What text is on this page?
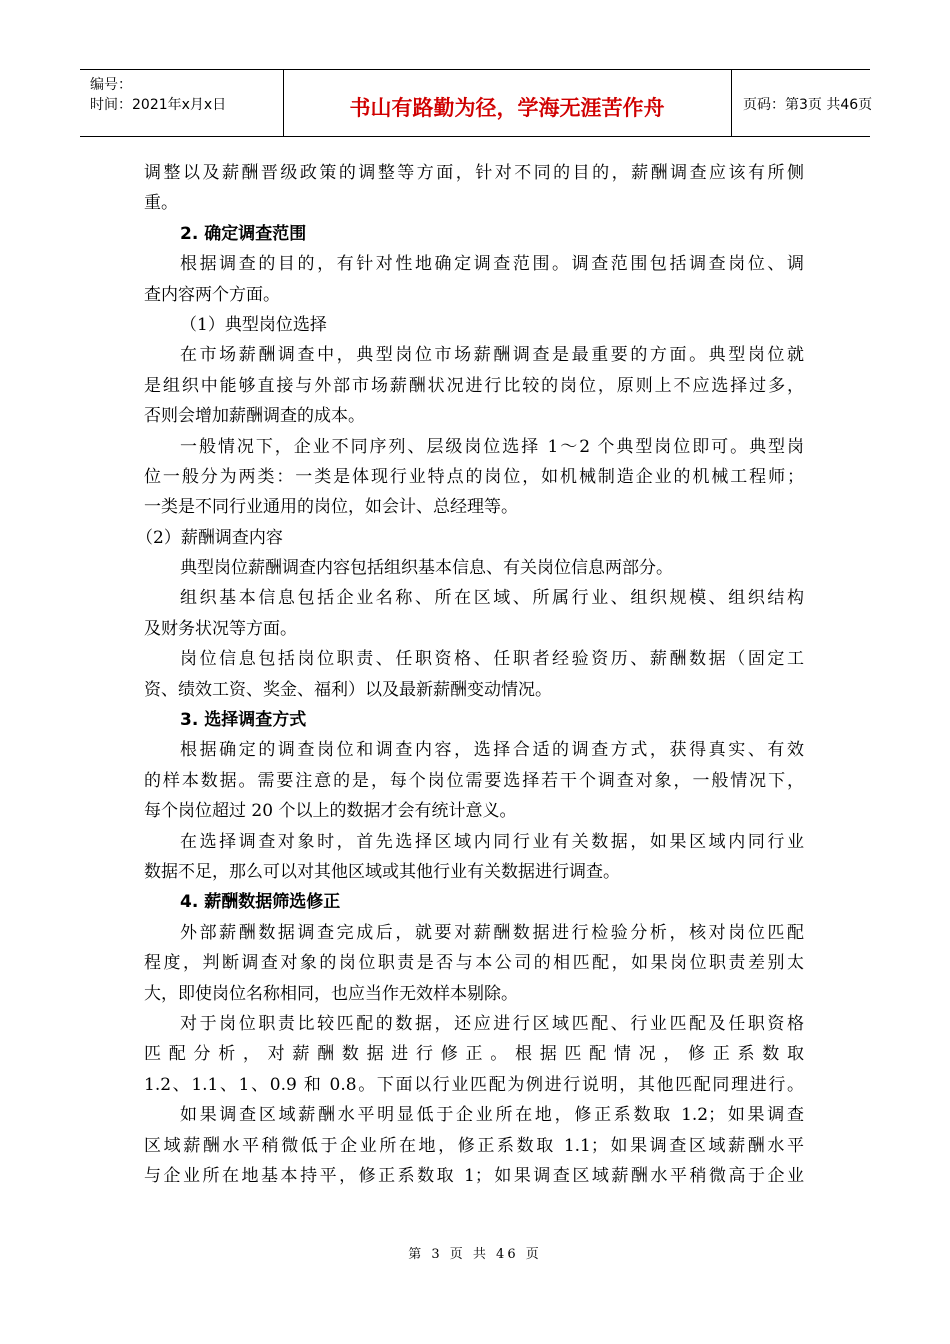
编号：
时间：2021年x月x日	书山有路勤为径，学海无涯苦作舟	页码：第3页 共46页
调整以及薪酬晋级政策的调整等方面，针对不同的目的，薪酬调查应该有所侧
重。
2. 确定调查范围
根据调查的目的，有针对性地确定调查范围。调查范围包括调查岗位、调
查内容两个方面。
（1）典型岗位选择
在市场薪酬调查中，典型岗位市场薪酬调查是最重要的方面。典型岗位就
是组织中能够直接与外部市场薪酬状况进行比较的岗位，原则上不应选择过多，
否则会增加薪酬调查的成本。
一般情况下，企业不同序列、层级岗位选择 1～2 个典型岗位即可。典型岗
位一般分为两类：一类是体现行业特点的岗位，如机械制造企业的机械工程师；
一类是不同行业通用的岗位，如会计、总经理等。
（2）薪酬调查内容
典型岗位薪酬调查内容包括组织基本信息、有关岗位信息两部分。
组织基本信息包括企业名称、所在区域、所属行业、组织规模、组织结构
及财务状况等方面。
岗位信息包括岗位职责、任职资格、任职者经验资历、薪酬数据（固定工
资、绩效工资、奖金、福利）以及最新薪酬变动情况。
3. 选择调查方式
根据确定的调查岗位和调查内容，选择合适的调查方式，获得真实、有效
的样本数据。需要注意的是，每个岗位需要选择若干个调查对象，一般情况下，
每个岗位超过 20 个以上的数据才会有统计意义。
在选择调查对象时，首先选择区域内同行业有关数据，如果区域内同行业
数据不足，那么可以对其他区域或其他行业有关数据进行调查。
4. 薪酬数据筛选修正
外部薪酬数据调查完成后，就要对薪酬数据进行检验分析，核对岗位匹配
程度，判断调查对象的岗位职责是否与本公司的相匹配，如果岗位职责差别太
大，即使岗位名称相同，也应当作无效样本剔除。
对于岗位职责比较匹配的数据，还应进行区域匹配、行业匹配及任职资格
匹 配 分 析 ， 对 薪 酬 数 据 进 行 修 正 。 根 据 匹 配 情 况 ， 修 正 系 数 取
1.2、1.1、1、0.9 和 0.8。下面以行业匹配为例进行说明，其他匹配同理进行。
如果调查区域薪酬水平明显低于企业所在地，修正系数取 1.2；如果调查
区域薪酬水平稍微低于企业所在地，修正系数取 1.1；如果调查区域薪酬水平
与企业所在地基本持平，修正系数取 1；如果调查区域薪酬水平稍微高于企业
第 3 页 共 46 页
